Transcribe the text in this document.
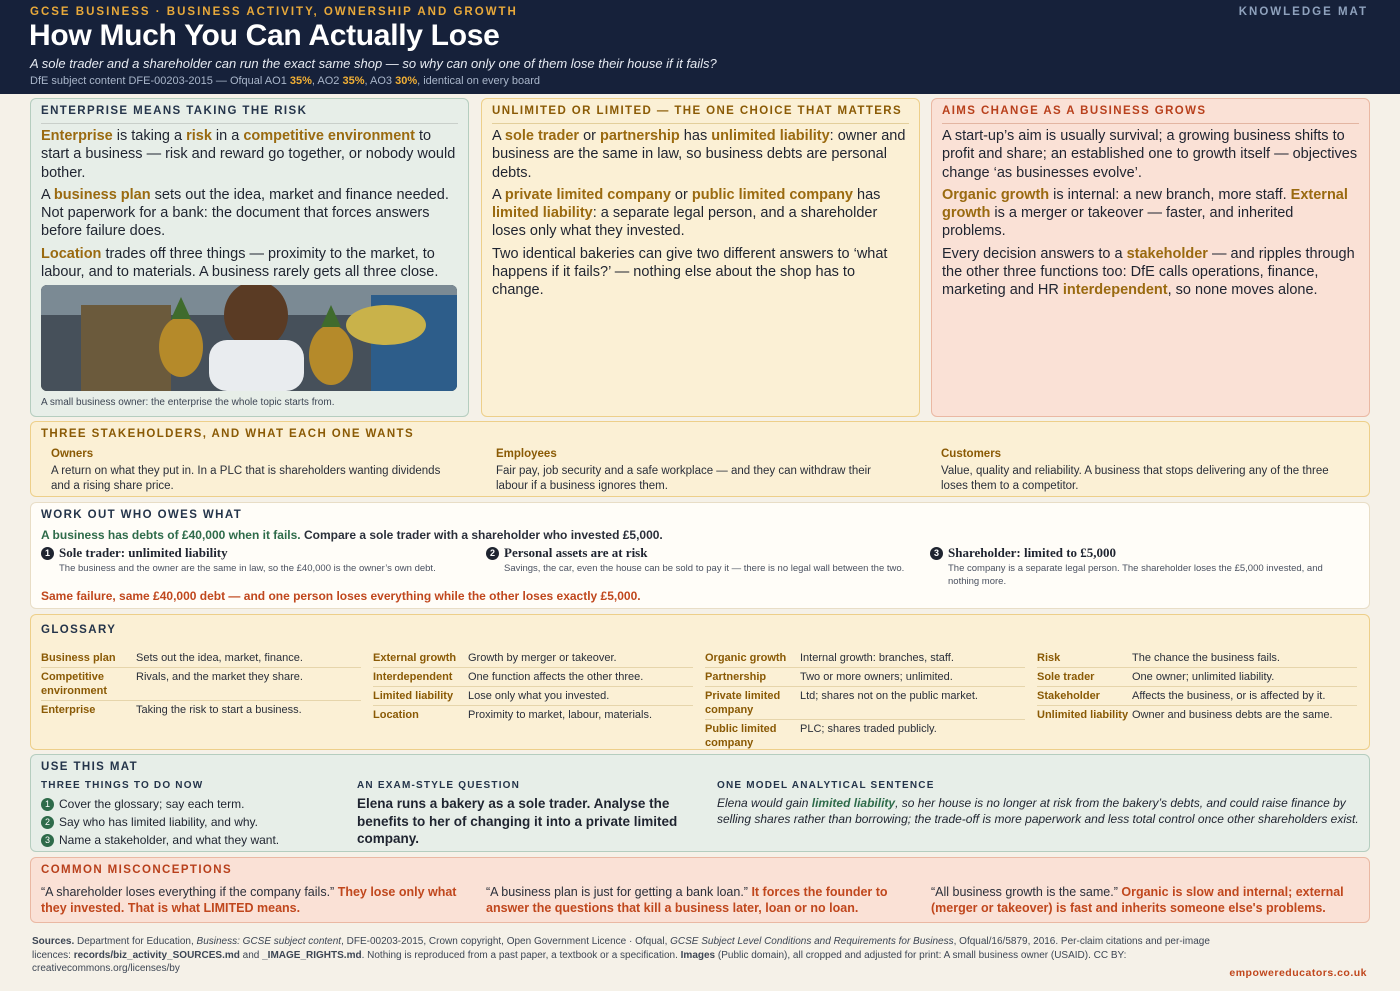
GCSE BUSINESS · BUSINESS ACTIVITY, OWNERSHIP AND GROWTH	KNOWLEDGE MAT
How Much You Can Actually Lose
A sole trader and a shareholder can run the exact same shop — so why can only one of them lose their house if it fails?
DfE subject content DFE-00203-2015 — Ofqual AO1 35%, AO2 35%, AO3 30%, identical on every board
ENTERPRISE MEANS TAKING THE RISK

Enterprise is taking a risk in a competitive environment to start a business — risk and reward go together, or nobody would bother.

A business plan sets out the idea, market and finance needed. Not paperwork for a bank: the document that forces answers before failure does.

Location trades off three things — proximity to the market, to labour, and to materials. A business rarely gets all three close.

A small business owner: the enterprise the whole topic starts from.
UNLIMITED OR LIMITED — THE ONE CHOICE THAT MATTERS

A sole trader or partnership has unlimited liability: owner and business are the same in law, so business debts are personal debts.

A private limited company or public limited company has limited liability: a separate legal person, and a shareholder loses only what they invested.

Two identical bakeries can give two different answers to ‘what happens if it fails?’ — nothing else about the shop has to change.

AIMS CHANGE AS A BUSINESS GROWS

A start-up’s aim is usually survival; a growing business shifts to profit and share; an established one to growth itself — objectives change ‘as businesses evolve’.

Organic growth is internal: a new branch, more staff. External growth is a merger or takeover — faster, and inherited problems.

Every decision answers to a stakeholder — and ripples through the other three functions too: DfE calls operations, finance, marketing and HR interdependent, so none moves alone.

THREE STAKEHOLDERS, AND WHAT EACH ONE WANTS
Owners
A return on what they put in. In a PLC that is shareholders wanting dividends and a rising share price.
Employees
Fair pay, job security and a safe workplace — and they can withdraw their labour if a business ignores them.
Customers
Value, quality and reliability. A business that stops delivering any of the three loses them to a competitor.
WORK OUT WHO OWES WHAT
A business has debts of £40,000 when it fails. Compare a sole trader with a shareholder who invested £5,000.
1 Sole trader: unlimited liability
The business and the owner are the same in law, so the £40,000 is the owner’s own debt.
2 Personal assets are at risk
Savings, the car, even the house can be sold to pay it — there is no legal wall between the two.
3 Shareholder: limited to £5,000
The company is a separate legal person. The shareholder loses the £5,000 invested, and nothing more.
Same failure, same £40,000 debt — and one person loses everything while the other loses exactly £5,000.
GLOSSARY
Business plan	Sets out the idea, market, finance.
Competitive environment
Rivals, and the market they share.
Enterprise	Taking the risk to start a business.
External growth	Growth by merger or takeover.
Interdependent	One function affects the other three.
Limited liability	Lose only what you invested.
Location	Proximity to market, labour, materials.
Organic growth	Internal growth: branches, staff.
Partnership	Two or more owners; unlimited.
Private limited company
Ltd; shares not on the public market.
Public limited company
PLC; shares traded publicly.
Risk	The chance the business fails.
Sole trader	One owner; unlimited liability.
Stakeholder	Affects the business, or is affected by it.
Unlimited liability Owner and business debts are the same.
USE THIS MAT
THREE THINGS TO DO NOW
1 Cover the glossary; say each term.
2 Say who has limited liability, and why.
3 Name a stakeholder, and what they want.
AN EXAM-STYLE QUESTION
Elena runs a bakery as a sole trader. Analyse the benefits to her of changing it into a private limited company.
ONE MODEL ANALYTICAL SENTENCE
Elena would gain limited liability, so her house is no longer at risk from the bakery’s debts, and could raise finance by selling shares rather than borrowing; the trade-off is more paperwork and less total control once other shareholders exist.
COMMON MISCONCEPTIONS
“A shareholder loses everything if the company fails.” They lose only what they invested. That is what LIMITED means.
“A business plan is just for getting a bank loan.” It forces the founder to answer the questions that kill a business later, loan or no loan.
“All business growth is the same.” Organic is slow and internal; external (merger or takeover) is fast and inherits someone else's problems.
Sources. Department for Education, Business: GCSE subject content, DFE-00203-2015, Crown copyright, Open Government Licence · Ofqual, GCSE Subject Level Conditions and Requirements for Business, Ofqual/16/5879, 2016. Per-claim citations and per-image licences: records/biz_activity_SOURCES.md and _IMAGE_RIGHTS.md. Nothing is reproduced from a past paper, a textbook or a specification. Images (Public domain), all cropped and adjusted for print: A small business owner (USAID). CC BY: creativecommons.org/licenses/by	empowereducators.co.uk
